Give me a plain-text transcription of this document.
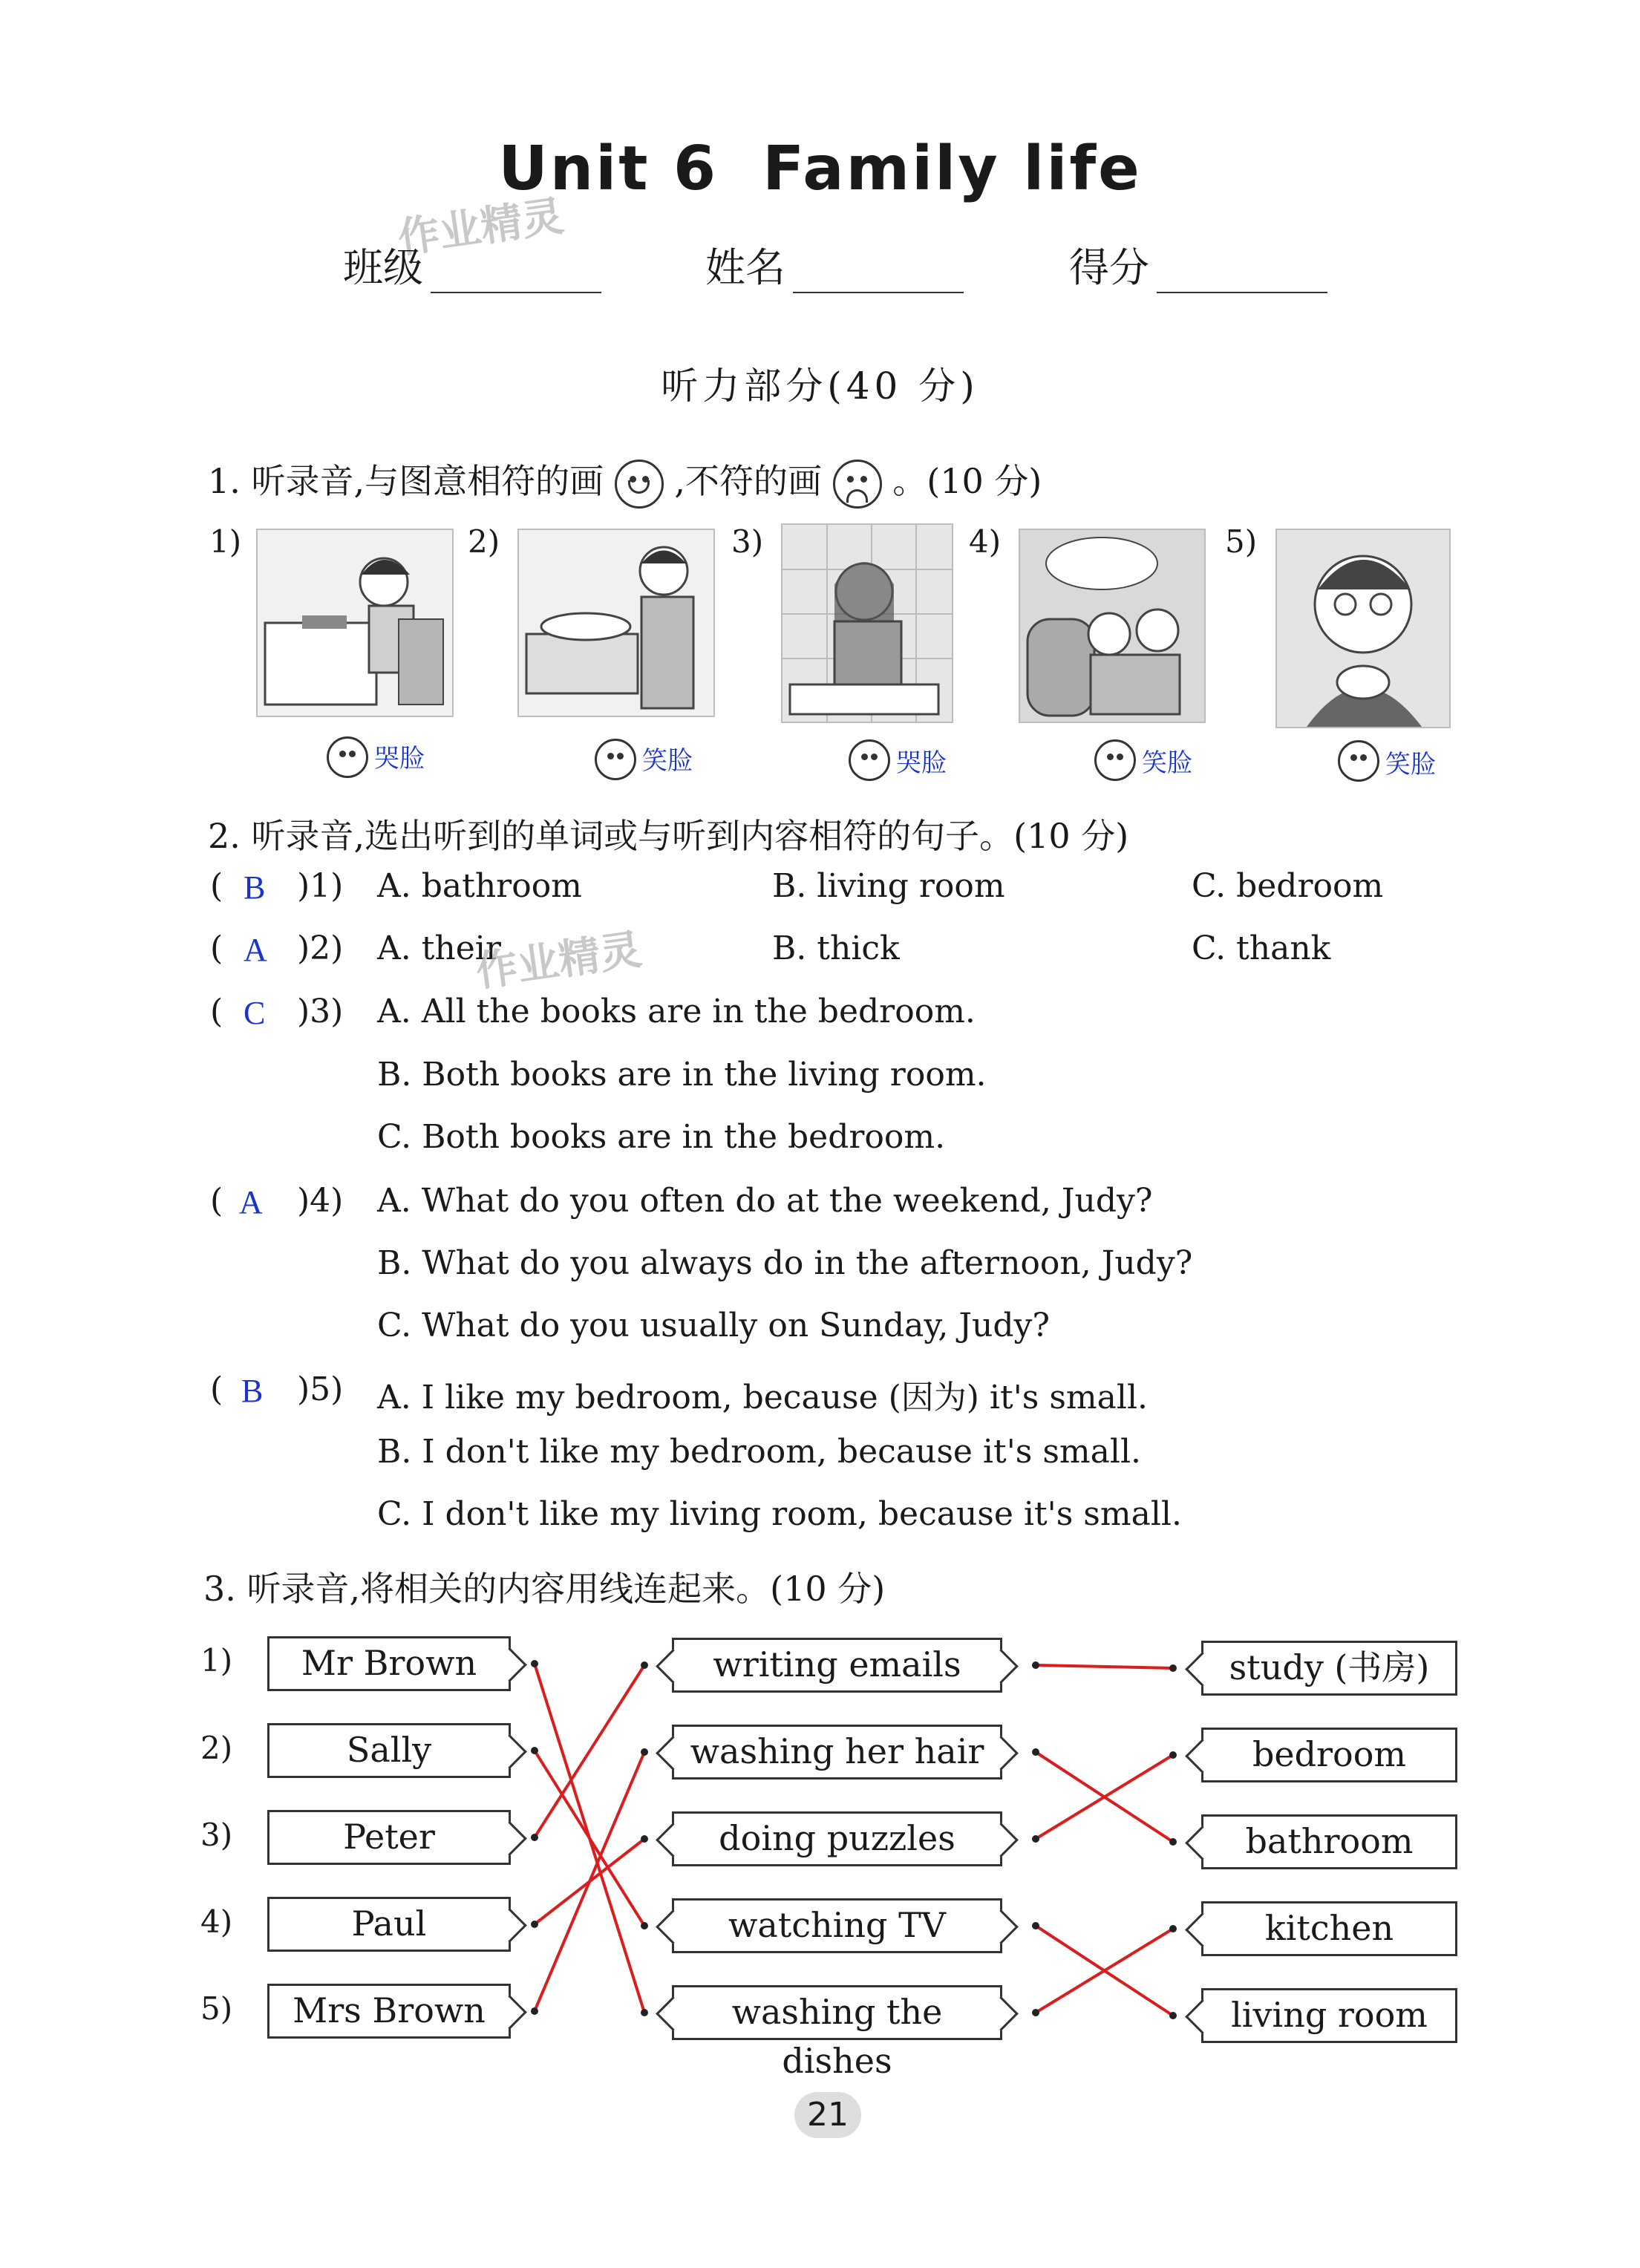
Unit 6 Family life
作业精灵
班级	姓名	得分
听力部分(40 分)
1. 听录音,与图意相符的画 ,不符的画 。(10 分)
1)	2)	3)	4)	5)
哭脸	笑脸	哭脸	笑脸	笑脸
2. 听录音,选出听到的单词或与听到内容相符的句子。(10 分)
( B )1) A. bathroom	B. living room	C. bedroom
( A )2) A. their	B. thick	C. thank
作业精灵
( C )3) A. All the books are in the bedroom.
B. Both books are in the living room.
C. Both books are in the bedroom.
( A )4) A. What do you often do at the weekend, Judy?
B. What do you always do in the afternoon, Judy?
C. What do you usually on Sunday, Judy?
( B )5) A. I like my bedroom, because (因为) it's small.
B. I don't like my bedroom, because it's small.
C. I don't like my living room, because it's small.
3. 听录音,将相关的内容用线连起来。(10 分)
1)
2)
3)
4)
5)
Mr Brown
Sally
Peter
Paul
Mrs Brown
writing emails
washing her hair
doing puzzles
watching TV
washing the dishes
study (书房)
bedroom
bathroom
kitchen
living room
21
